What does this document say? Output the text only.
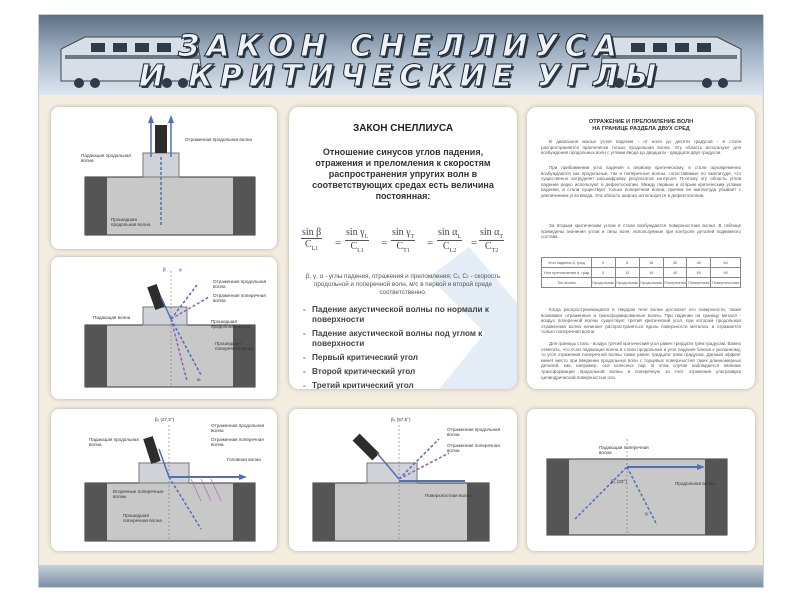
ЗАКОН СНЕЛЛИУСА
И КРИТИЧЕСКИЕ УГЛЫ
Отраженная продольная волна
Падающая продольная волна
Прошедшая продольная волна
β	γₗ
Отраженная продольная волна
Отраженная поперечная волна
Падающая волна
Прошедшая продольная волна
Прошедшая поперечная волна
αₜ
β₁ (27,5°)
Падающая продольная волна
Отраженная продольная волна
Отраженная поперечная волна
Головная волна
Вторичные поперечные волны
Прошедшая поперечная волна
β₂ (57,5°)
Отраженная продольная волна
Отраженная поперечная волна
Поверхностная волна
Падающая поперечная волна
β₃ (33°)	Продольная волна
γₜ
ЗАКОН СНЕЛЛИУСА
Отношение синусов углов падения, отражения и преломления к скоростям распространения упругих волн в соответствующих средах есть величина постоянная:
$\frac{\text{sin β}}{C_{L1}} = \frac{\sin \gamma_L}{C_{L1}} = \frac{\sin \gamma_T}{C_{T1}} = \frac{\sin \alpha_L}{C_{L2}} = \frac{\sin \alpha_T}{C_{T2}}$
β, γ, α - углы падения, отражения и преломления; Cₗ, Cₜ - скорость продольной и поперечной волн, м/с в первой и второй среде соответственно.
- Падение акустической волны по нормали к поверхности
- Падение акустической волны под углом к поверхности
- Первый критический угол
- Второй критический угол
- Третий критический угол
ОТРАЖЕНИЕ И ПРЕЛОМЛЕНИЕ ВОЛН
НА ГРАНИЦЕ РАЗДЕЛА ДВУХ СРЕД
В диапазоне малых углов падения - от ноля до десяти градусов - в стали распространяется практически только продольная волна. Эту область используют для возбуждения продольных волн с углами ввода до двадцати - двадцати двух градусов.
При приближении угла падения к первому критическому, в стали одновременно возбуждаются как продольные, так и поперечные волны, сопоставимые по амплитуде, что существенно затрудняет расшифровку результатов контроля. Поэтому эту область углов падения редко используют в дефектоскопии. Между первым и вторым критическим углами падения, в стали существует только поперечная волна, причем ее амплитуда убывает с увеличением угла ввода. Эта область широко используется в дефектоскопии.
За вторым критическим углом в стали возбуждается поверхностная волна. В таблице приведены значения углов и типы волн, используемые при контроле деталей подвижного состава.
Угол падения β, град	0	8	18	30	40	64
Угол преломления α, град	0	12	19	40	65	90
Тип волны	Продольная	Продольная	Продольная	Поперечная	Поперечная	Поверхностная
Когда распространяющаяся в твердом теле волна достигает его поверхности, также возникают отраженные и трансформированные волны. При падении на границу металл - воздух поперечной волны существует третий критический угол, при котором продольная отраженная волна начинает распространяться вдоль поверхности металла, а отражается только поперечная волна.
Для границы сталь - воздух третий критический угол равен тридцати трем градусам. Важно отметить, что если падающая волна в стали продольная и угол падения близок к указанному, то угол отражения поперечной волны также равен тридцати трем градусам. Данный эффект имеет место при введении продольных волн с торцевых поверхностей таких длинномерных деталей, как, например, оси колесных пар. В этом случае наблюдается явление трансформации продольной волны в поперечную за счет отражения ультразвука цилиндрической поверхностью оси.
